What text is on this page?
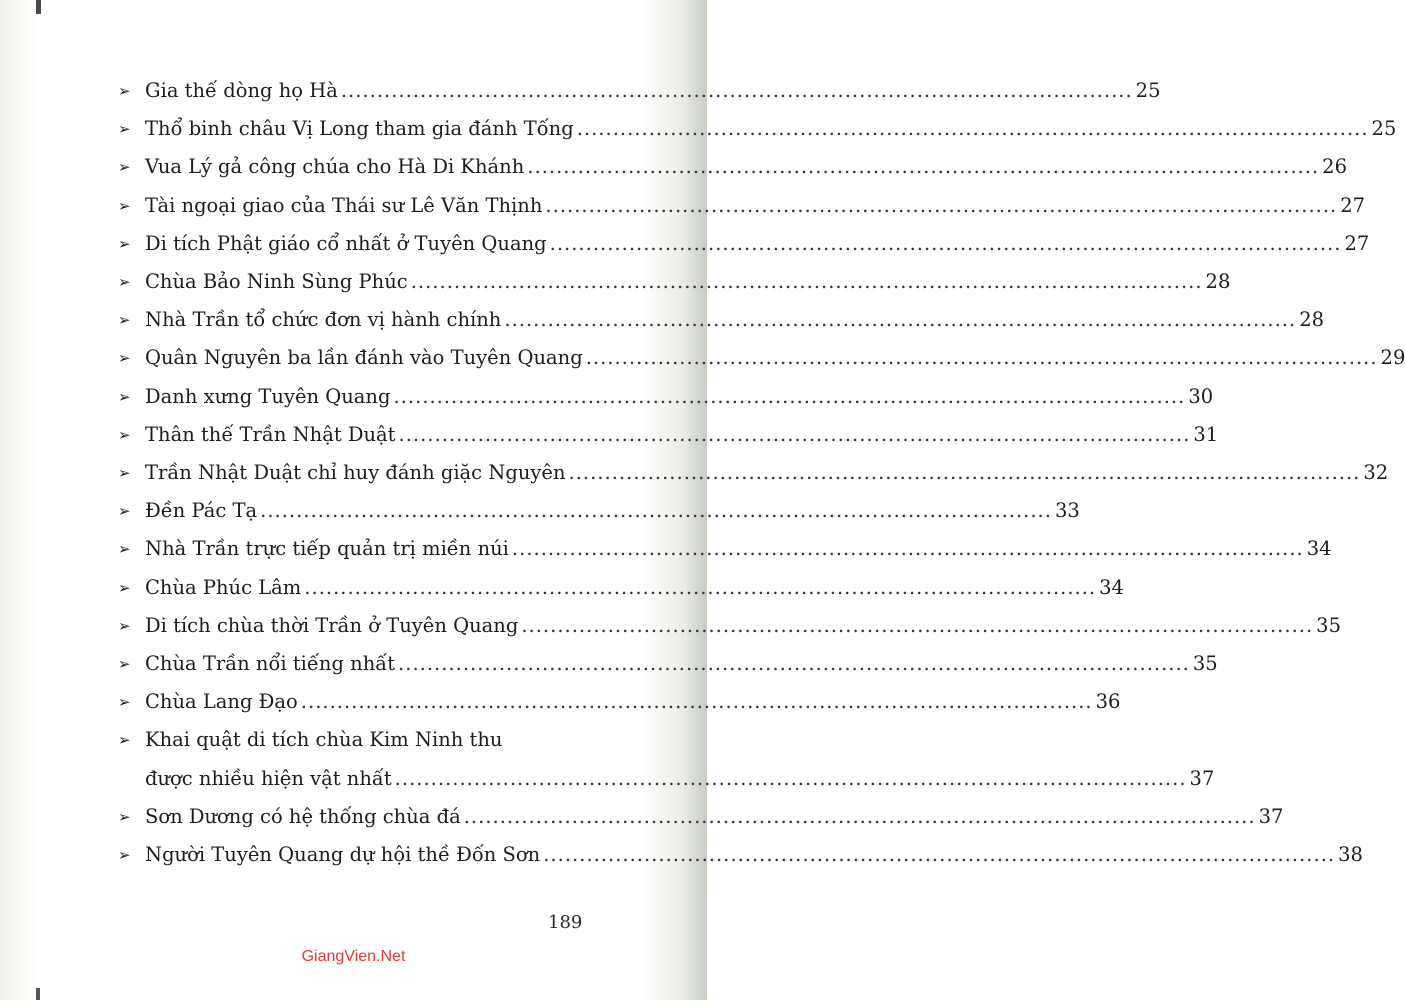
➢ Gia thế dòng họ Hà .....	25
➢ Thổ binh châu Vị Long tham gia đánh Tống .....	25
➢ Vua Lý gả công chúa cho Hà Di Khánh .....	26
➢ Tài ngoại giao của Thái sư Lê Văn Thịnh .....	27
➢ Di tích Phật giáo cổ nhất ở Tuyên Quang .....	27
➢ Chùa Bảo Ninh Sùng Phúc .....	28
➢ Nhà Trần tổ chức đơn vị hành chính .....	28
➢ Quân Nguyên ba lần đánh vào Tuyên Quang .....	29
➢ Danh xưng Tuyên Quang .....	30
➢ Thân thế Trần Nhật Duật .....	31
➢ Trần Nhật Duật chỉ huy đánh giặc Nguyên .....	32
➢ Đền Pác Tạ .....	33
➢ Nhà Trần trực tiếp quản trị miền núi .....	34
➢ Chùa Phúc Lâm .....	34
➢ Di tích chùa thời Trần ở Tuyên Quang .....	35
➢ Chùa Trần nổi tiếng nhất .....	35
➢ Chùa Lang Đạo .....	36
➢ Khai quật di tích chùa Kim Ninh thu
được nhiều hiện vật nhất .....	37
➢ Sơn Dương có hệ thống chùa đá .....	37
➢ Người Tuyên Quang dự hội thề Đốn Sơn .....	38
189
GiangVien.Net
